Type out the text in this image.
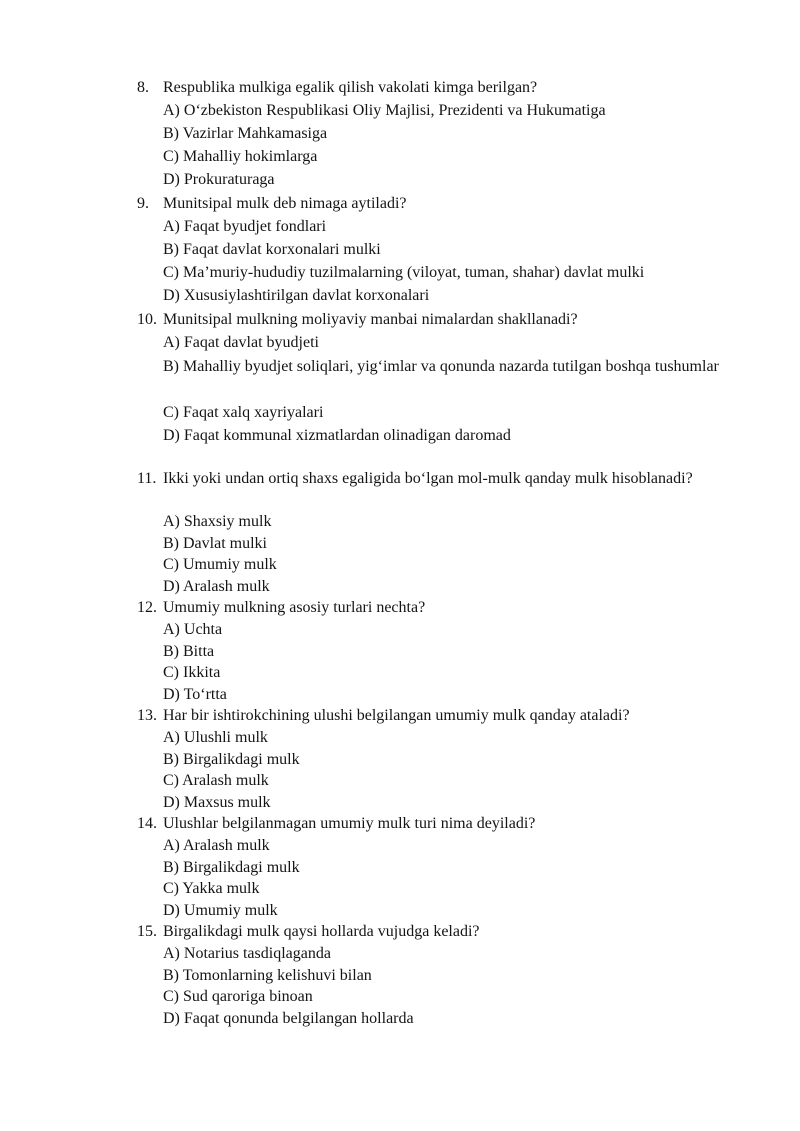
8. Respublika mulkiga egalik qilish vakolati kimga berilgan?
A) O‘zbekiston Respublikasi Oliy Majlisi, Prezidenti va Hukumatiga
B) Vazirlar Mahkamasiga
C) Mahalliy hokimlarga
D) Prokuraturaga
9. Munitsipal mulk deb nimaga aytiladi?
A) Faqat byudjet fondlari
B) Faqat davlat korxonalari mulki
C) Ma’muriy-hududiy tuzilmalarning (viloyat, tuman, shahar) davlat mulki
D) Xususiylashtirilgan davlat korxonalari
10. Munitsipal mulkning moliyaviy manbai nimalardan shakllanadi?
A) Faqat davlat byudjeti
B) Mahalliy byudjet soliqlari, yig‘imlar va qonunda nazarda tutilgan boshqa tushumlar
C) Faqat xalq xayriyalari
D) Faqat kommunal xizmatlardan olinadigan daromad
11. Ikki yoki undan ortiq shaxs egaligida bo‘lgan mol-mulk qanday mulk hisoblanadi?
A) Shaxsiy mulk
B) Davlat mulki
C) Umumiy mulk
D) Aralash mulk
12. Umumiy mulkning asosiy turlari nechta?
A) Uchta
B) Bitta
C) Ikkita
D) To‘rtta
13. Har bir ishtirokchining ulushi belgilangan umumiy mulk qanday ataladi?
A) Ulushli mulk
B) Birgalikdagi mulk
C) Aralash mulk
D) Maxsus mulk
14. Ulushlar belgilanmagan umumiy mulk turi nima deyiladi?
A) Aralash mulk
B) Birgalikdagi mulk
C) Yakka mulk
D) Umumiy mulk
15. Birgalikdagi mulk qaysi hollarda vujudga keladi?
A) Notarius tasdiqlaganda
B) Tomonlarning kelishuvi bilan
C) Sud qaroriga binoan
D) Faqat qonunda belgilangan hollarda
